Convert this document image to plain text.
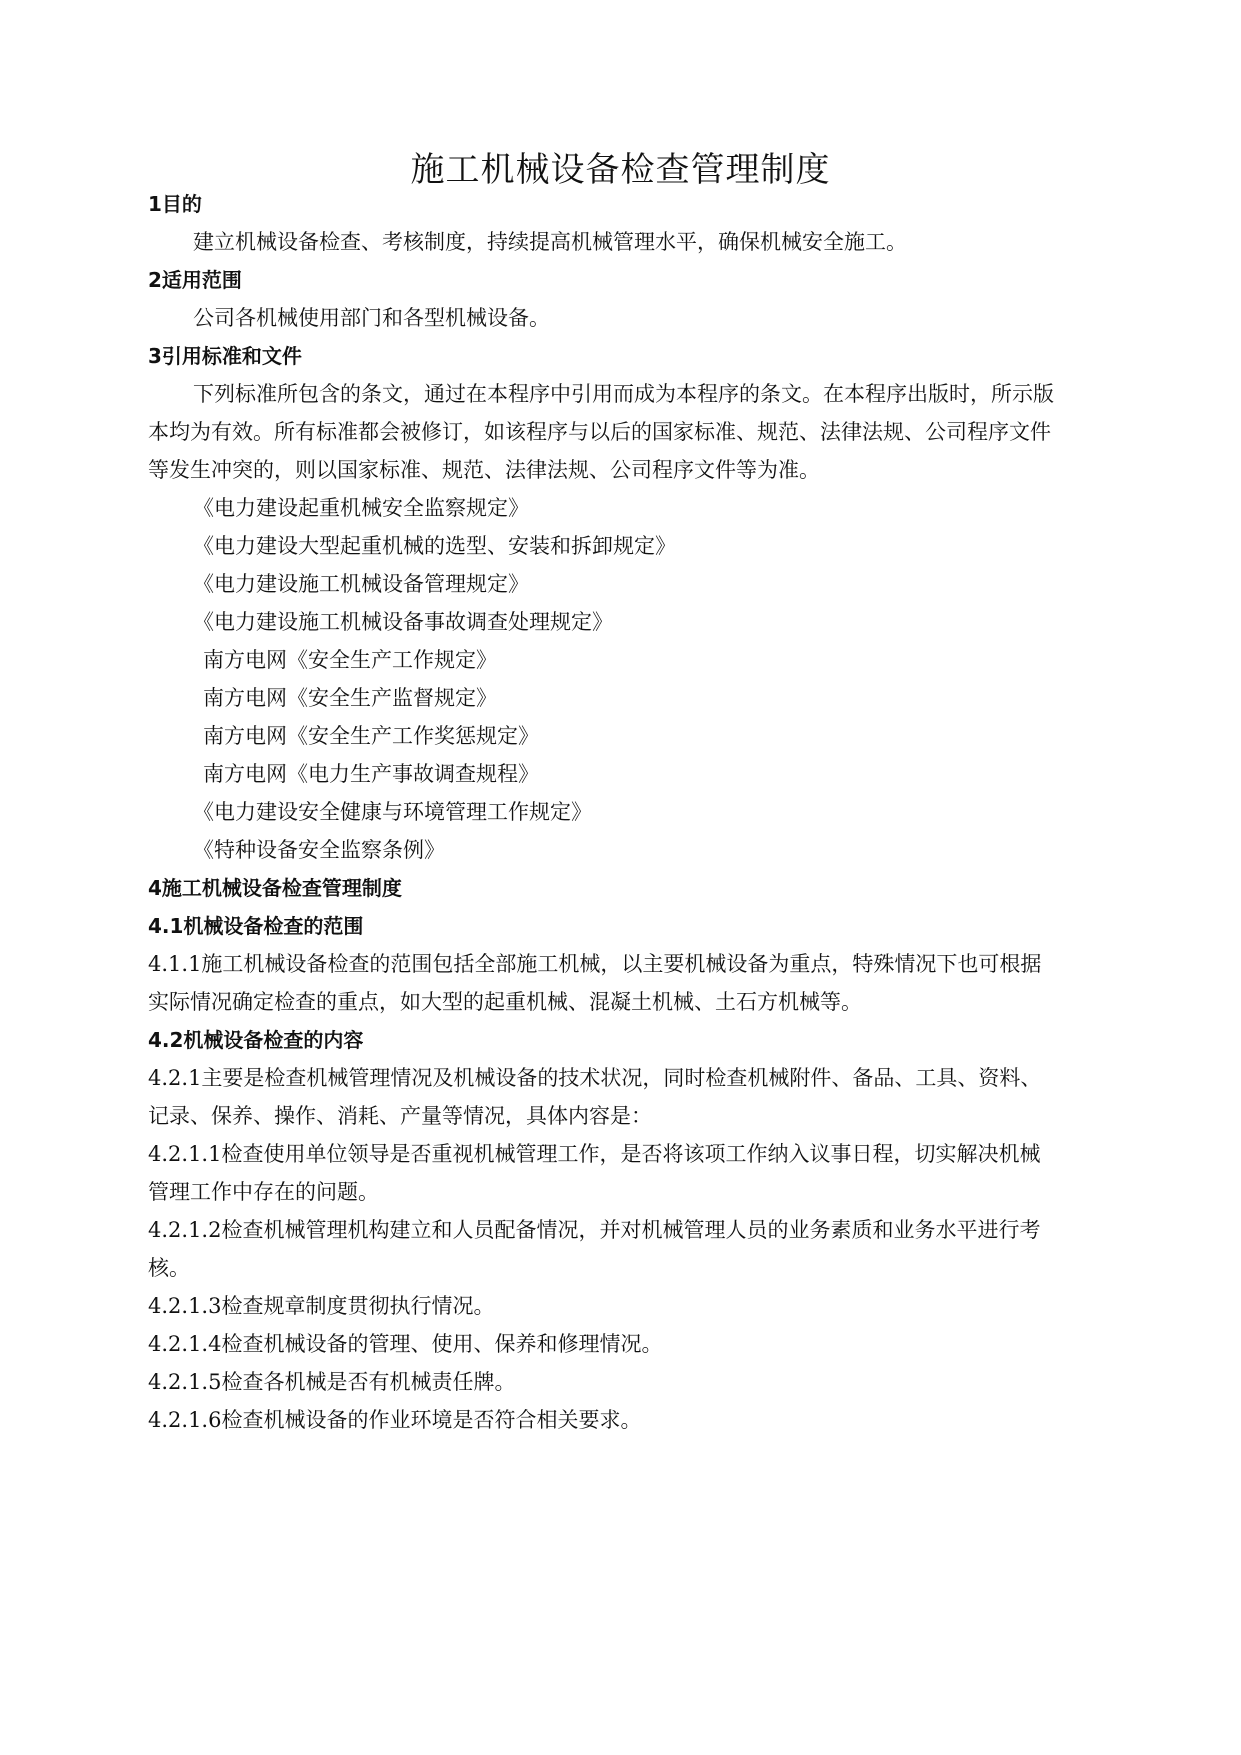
施工机械设备检查管理制度
1目的
建立机械设备检查、考核制度，持续提高机械管理水平，确保机械安全施工。
2适用范围
公司各机械使用部门和各型机械设备。
3引用标准和文件
下列标准所包含的条文，通过在本程序中引用而成为本程序的条文。在本程序出版时，所示版
本均为有效。所有标准都会被修订，如该程序与以后的国家标准、规范、法律法规、公司程序文件
等发生冲突的，则以国家标准、规范、法律法规、公司程序文件等为准。
《电力建设起重机械安全监察规定》
《电力建设大型起重机械的选型、安装和拆卸规定》
《电力建设施工机械设备管理规定》
《电力建设施工机械设备事故调查处理规定》
南方电网《安全生产工作规定》
南方电网《安全生产监督规定》
南方电网《安全生产工作奖惩规定》
南方电网《电力生产事故调查规程》
《电力建设安全健康与环境管理工作规定》
《特种设备安全监察条例》
4施工机械设备检查管理制度
4.1机械设备检查的范围
4.1.1施工机械设备检查的范围包括全部施工机械，以主要机械设备为重点，特殊情况下也可根据
实际情况确定检查的重点，如大型的起重机械、混凝土机械、土石方机械等。
4.2机械设备检查的内容
4.2.1主要是检查机械管理情况及机械设备的技术状况，同时检查机械附件、备品、工具、资料、
记录、保养、操作、消耗、产量等情况，具体内容是：
4.2.1.1检查使用单位领导是否重视机械管理工作，是否将该项工作纳入议事日程，切实解决机械
管理工作中存在的问题。
4.2.1.2检查机械管理机构建立和人员配备情况，并对机械管理人员的业务素质和业务水平进行考
核。
4.2.1.3检查规章制度贯彻执行情况。
4.2.1.4检查机械设备的管理、使用、保养和修理情况。
4.2.1.5检查各机械是否有机械责任牌。
4.2.1.6检查机械设备的作业环境是否符合相关要求。
